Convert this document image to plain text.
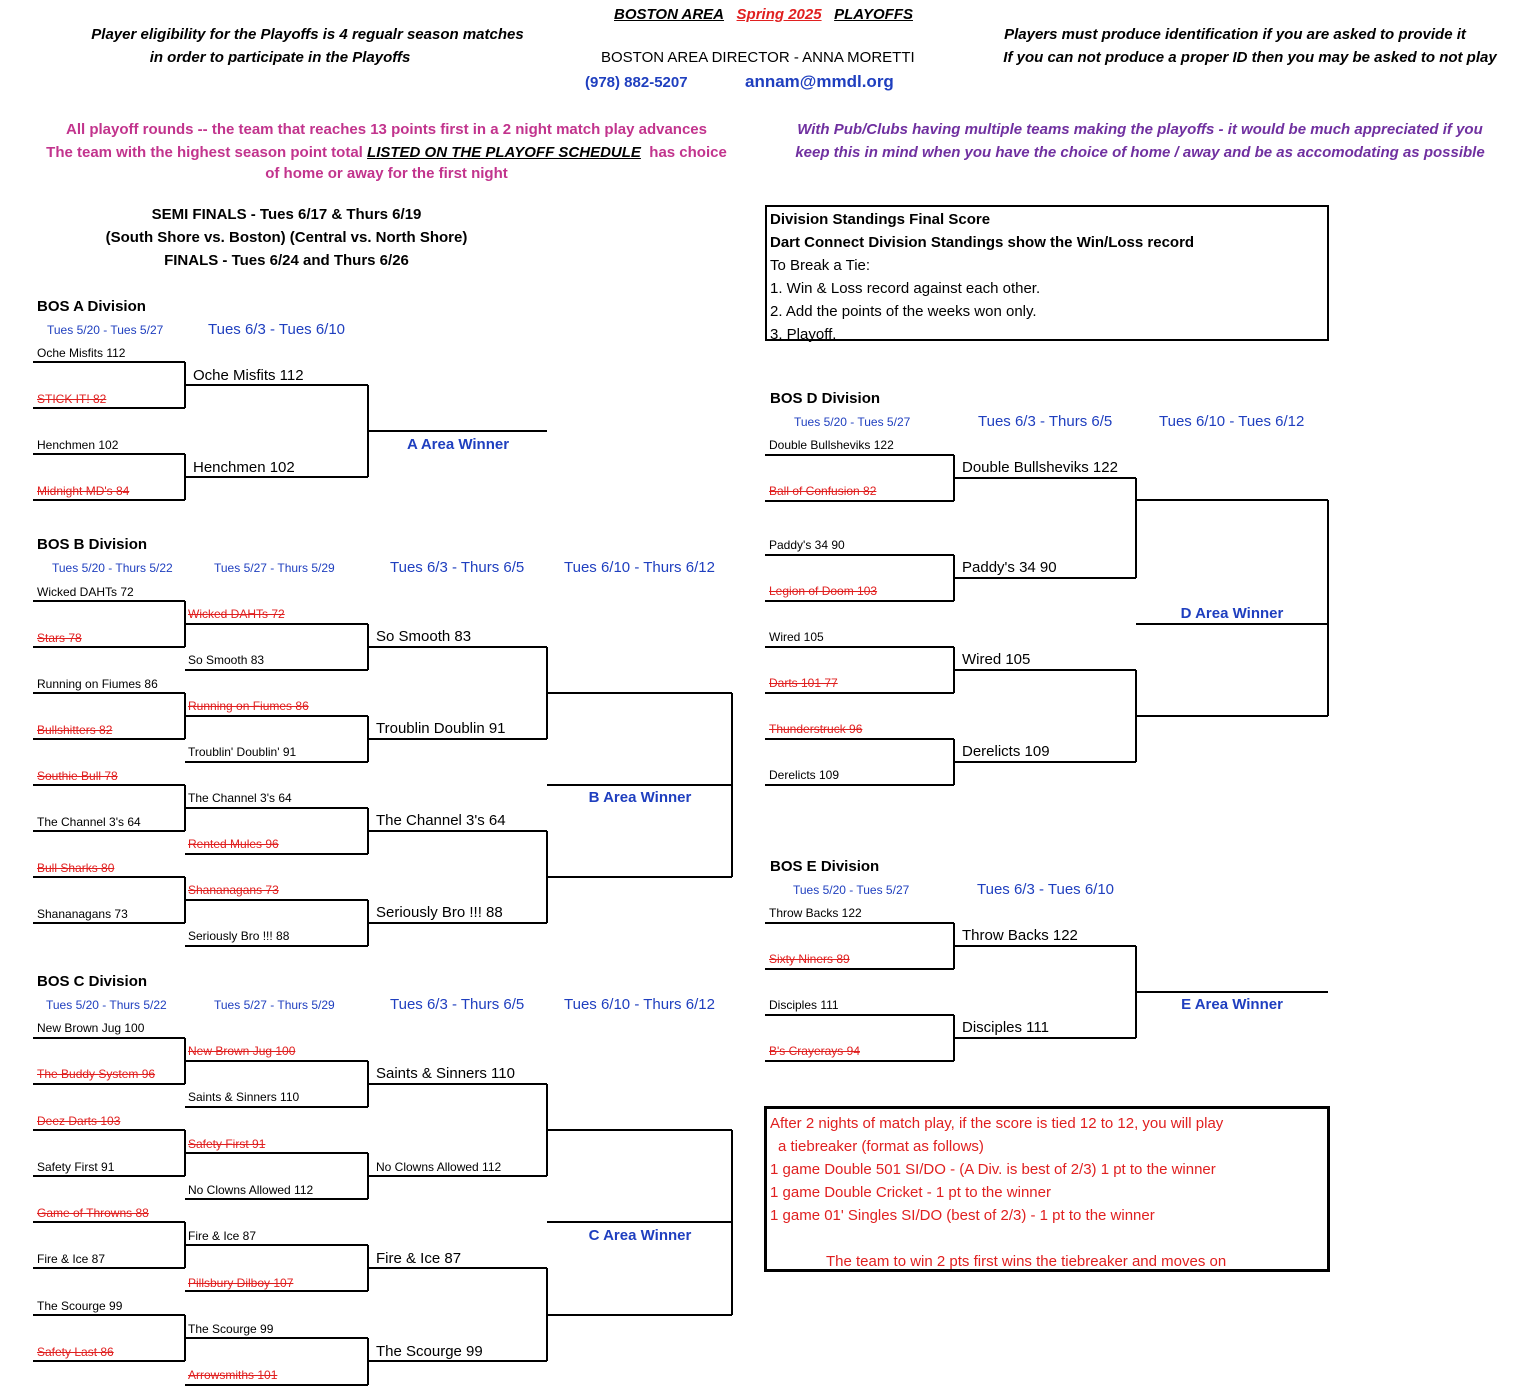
BOSTON AREA Spring 2025 PLAYOFFS
Player eligibility for the Playoffs is 4 regualr season matches
in order to participate in the Playoffs	BOSTON AREA DIRECTOR - ANNA MORETTI
(978) 882-5207	annam@mmdl.org
Players must produce identification if you are asked to provide it
If you can not produce a proper ID then you may be asked to not play
All playoff rounds -- the team that reaches 13 points first in a 2 night match play advances
The team with the highest season point total LISTED ON THE PLAYOFF SCHEDULE has choice
of home or away for the first night
With Pub/Clubs having multiple teams making the playoffs - it would be much appreciated if you
keep this in mind when you have the choice of home / away and be as accomodating as possible
SEMI FINALS - Tues 6/17 & Thurs 6/19
(South Shore vs. Boston) (Central vs. North Shore)
FINALS - Tues 6/24 and Thurs 6/26
Division Standings Final Score
Dart Connect Division Standings show the Win/Loss record
To Break a Tie:
1. Win & Loss record against each other.
2. Add the points of the weeks won only.
3. Playoff.
After 2 nights of match play, if the score is tied 12 to 12, you will play
a tiebreaker (format as follows)
1 game Double 501 SI/DO - (A Div. is best of 2/3) 1 pt to the winner
1 game Double Cricket - 1 pt to the winner
1 game 01' Singles SI/DO (best of 2/3) - 1 pt to the winner
The team to win 2 pts first wins the tiebreaker and moves on
BOS A Division
Tues 5/20 - Tues 5/27	Tues 6/3 - Tues 6/10
Oche Misfits 112
STICK IT! 82
Henchmen 102
Midnight MD's 84
Oche Misfits 112
Henchmen 102
A Area Winner
BOS B Division
Tues 5/20 - Thurs 5/22	Tues 5/27 - Thurs 5/29	Tues 6/3 - Thurs 6/5	Tues 6/10 - Thurs 6/12
Wicked DAHTs 72
Stars 78
Running on Fiumes 86
Bullshitters 82
Southie Bull 78
The Channel 3's 64
Bull Sharks 80
Shananagans 73
Wicked DAHTs 72
So Smooth 83
Running on Fiumes 86
Troublin' Doublin' 91
The Channel 3's 64
Rented Mules 96
Shananagans 73
Seriously Bro !!! 88
So Smooth 83
Troublin Doublin 91
The Channel 3's 64
Seriously Bro !!! 88
B Area Winner
BOS C Division
Tues 5/20 - Thurs 5/22	Tues 5/27 - Thurs 5/29	Tues 6/3 - Thurs 6/5	Tues 6/10 - Thurs 6/12
New Brown Jug 100
The Buddy System 96
Deez Darts 103
Safety First 91
Game of Throwns 88
Fire & Ice 87
The Scourge 99
Safety Last 86
New Brown Jug 100
Saints & Sinners 110
Safety First 91
No Clowns Allowed 112
Fire & Ice 87
Pillsbury Dilboy 107
The Scourge 99
Arrowsmiths 101
Saints & Sinners 110
No Clowns Allowed 112
Fire & Ice 87
The Scourge 99
C Area Winner
BOS D Division
Tues 5/20 - Tues 5/27	Tues 6/3 - Thurs 6/5	Tues 6/10 - Tues 6/12
Double Bullsheviks 122
Ball of Confusion 82
Paddy's 34 90
Legion of Doom 103
Wired 105
Darts 101 77
Thunderstruck 96
Derelicts 109
Double Bullsheviks 122
Paddy's 34 90
Wired 105
Derelicts 109
D Area Winner
BOS E Division
Tues 5/20 - Tues 5/27	Tues 6/3 - Tues 6/10
Throw Backs 122
Sixty Niners 89
Disciples 111
B's Crayerays 94
Throw Backs 122
Disciples 111
E Area Winner
